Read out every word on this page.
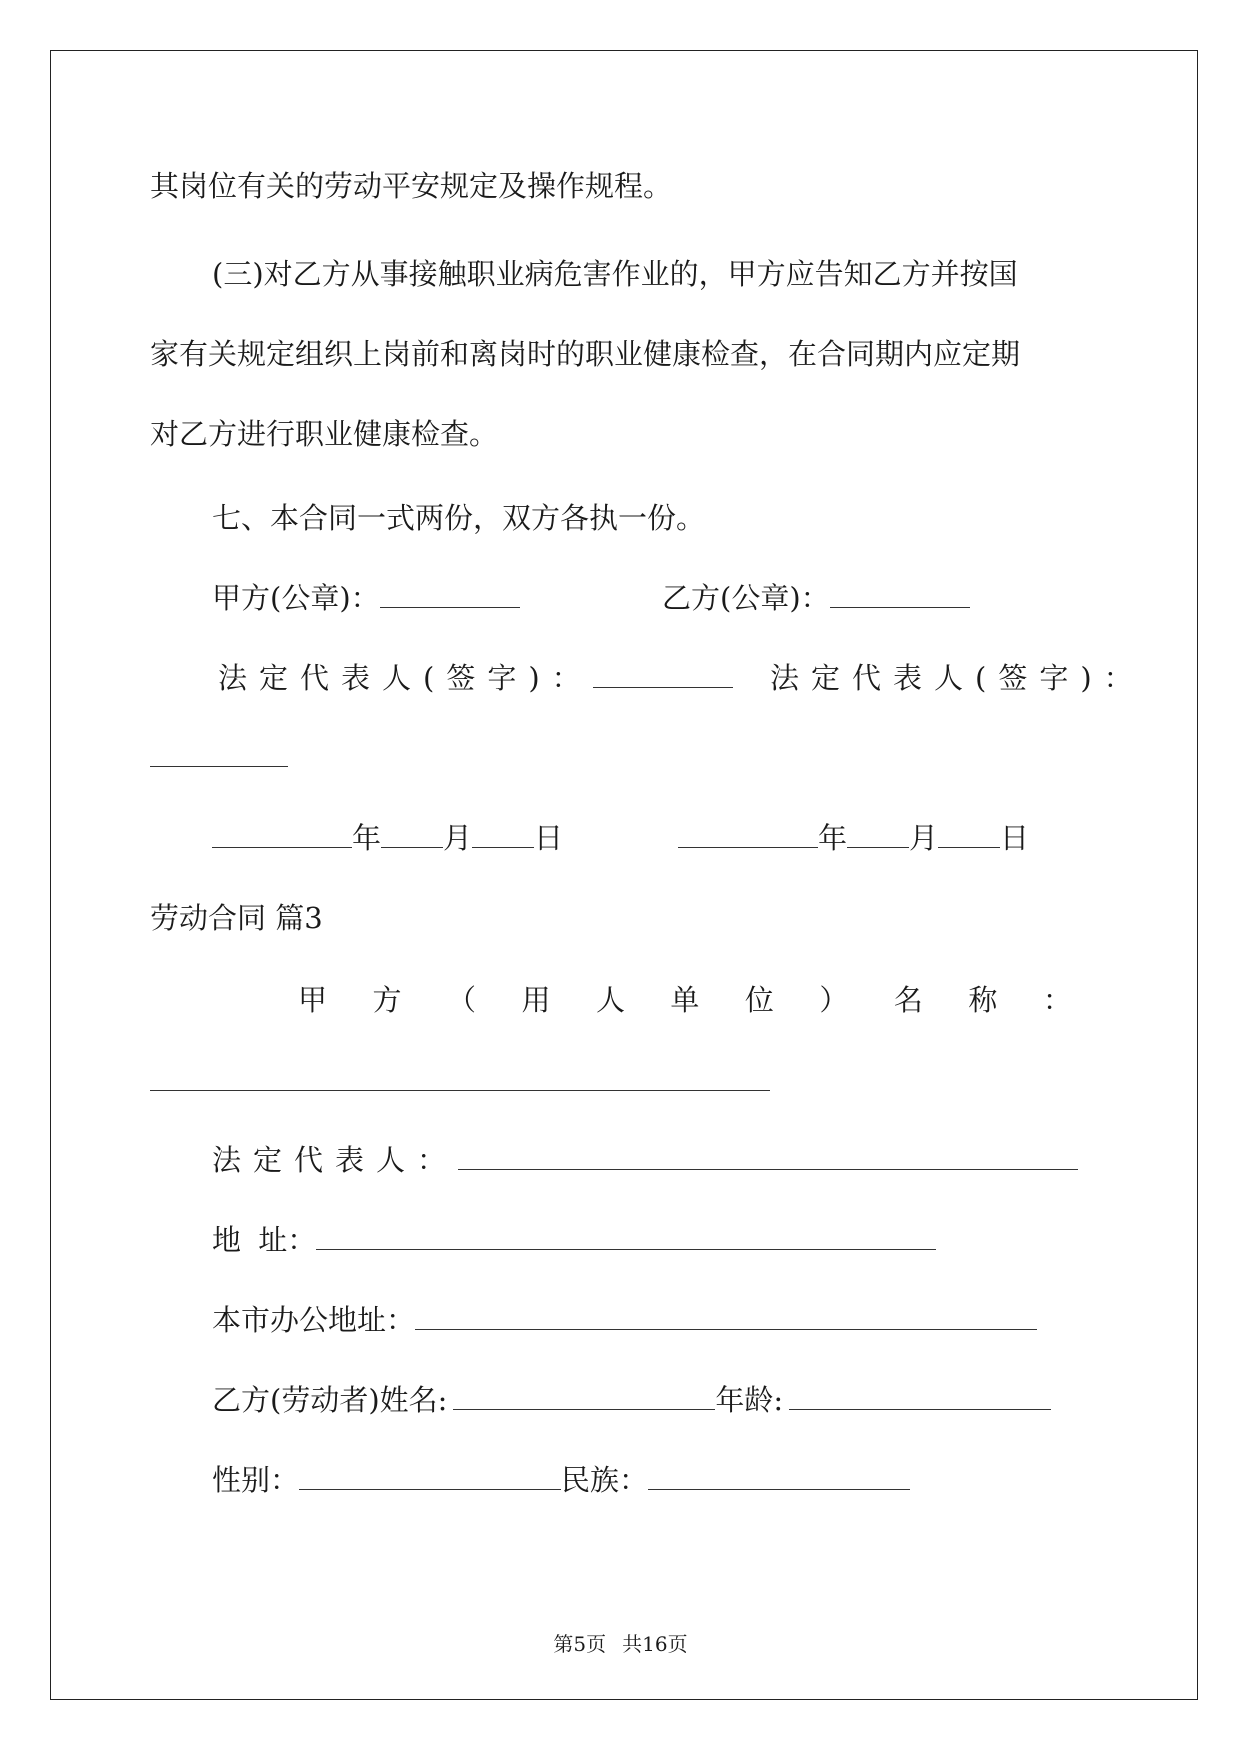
其岗位有关的劳动平安规定及操作规程。
(三)对乙方从事接触职业病危害作业的，甲方应告知乙方并按国
家有关规定组织上岗前和离岗时的职业健康检查，在合同期内应定期
对乙方进行职业健康检查。
七、本合同一式两份，双方各执一份。
甲方(公章)：	乙方(公章)：
法定代表人(签字)：	法定代表人(签字)：
年 月 日	年 月 日
劳动合同 篇3
甲 方 （ 用 人 单 位 ） 名 称 ：
法定代表人：
地 址：
本市办公地址：
乙方(劳动者)姓名:	年龄:
性别：	民族：
第5页 共16页
